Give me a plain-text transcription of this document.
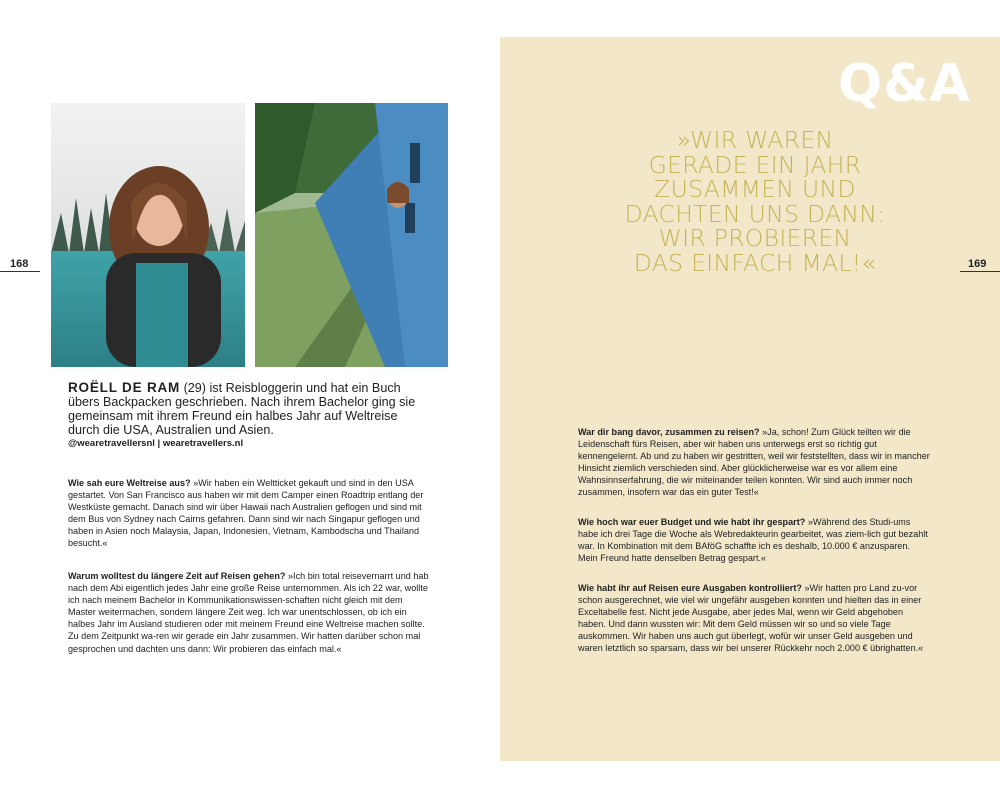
Q&A
»WIR WAREN
GERADE EIN JAHR
ZUSAMMEN UND
DACHTEN UNS DANN:
WIR PROBIEREN
DAS EINFACH MAL!«
168	169
ROËLL DE RAM (29) ist Reisbloggerin und hat ein Buch übers Backpacken geschrieben. Nach ihrem Bachelor ging sie gemeinsam mit ihrem Freund ein halbes Jahr auf Weltreise durch die USA, Australien und Asien.
@wearetravellersnl | wearetravellers.nl
Wie sah eure Weltreise aus? »Wir haben ein Weltticket gekauft und sind in den USA gestartet. Von San Francisco aus haben wir mit dem Camper einen Roadtrip entlang der Westküste gemacht. Danach sind wir über Hawaii nach Australien geflogen und sind mit dem Bus von Sydney nach Cairns gefahren. Dann sind wir nach Singapur geflogen und haben in Asien noch Malaysia, Japan, Indonesien, Vietnam, Kambodscha und Thailand besucht.«
Warum wolltest du längere Zeit auf Reisen gehen? »Ich bin total reisevernarrt und hab nach dem Abi eigentlich jedes Jahr eine große Reise unternommen. Als ich 22 war, wollte ich nach meinem Bachelor in Kommunikationswissen-schaften nicht gleich mit dem Master weitermachen, sondern längere Zeit weg. Ich war unentschlossen, ob ich ein halbes Jahr im Ausland studieren oder mit meinem Freund eine Weltreise machen sollte. Zu dem Zeitpunkt wa-ren wir gerade ein Jahr zusammen. Wir hatten darüber schon mal gesprochen und dachten uns dann: Wir probieren das einfach mal.«
War dir bang davor, zusammen zu reisen? »Ja, schon! Zum Glück teilten wir die Leidenschaft fürs Reisen, aber wir haben uns unterwegs erst so richtig gut kennengelernt. Ab und zu haben wir gestritten, weil wir feststellten, dass wir in mancher Hinsicht ziemlich verschieden sind. Aber glücklicherweise war es vor allem eine Wahnsinnserfahrung, die wir miteinander teilen konnten. Wir sind auch immer noch zusammen, insofern war das ein guter Test!«
Wie hoch war euer Budget und wie habt ihr gespart? »Während des Studi-ums habe ich drei Tage die Woche als Webredakteurin gearbeitet, was ziem-lich gut bezahlt war. In Kombination mit dem BAföG schaffte ich es deshalb, 10.000 € anzusparen. Mein Freund hatte denselben Betrag gespart.«
Wie habt ihr auf Reisen eure Ausgaben kontrolliert? »Wir hatten pro Land zu-vor schon ausgerechnet, wie viel wir ungefähr ausgeben konnten und hielten das in einer Exceltabelle fest. Nicht jede Ausgabe, aber jedes Mal, wenn wir Geld abgehoben haben. Und dann wussten wir: Mit dem Geld müssen wir so und so viele Tage auskommen. Wir haben uns auch gut überlegt, wofür wir unser Geld ausgeben und waren letztlich so sparsam, dass wir bei unserer Rückkehr noch 2.000 € übrighatten.«
